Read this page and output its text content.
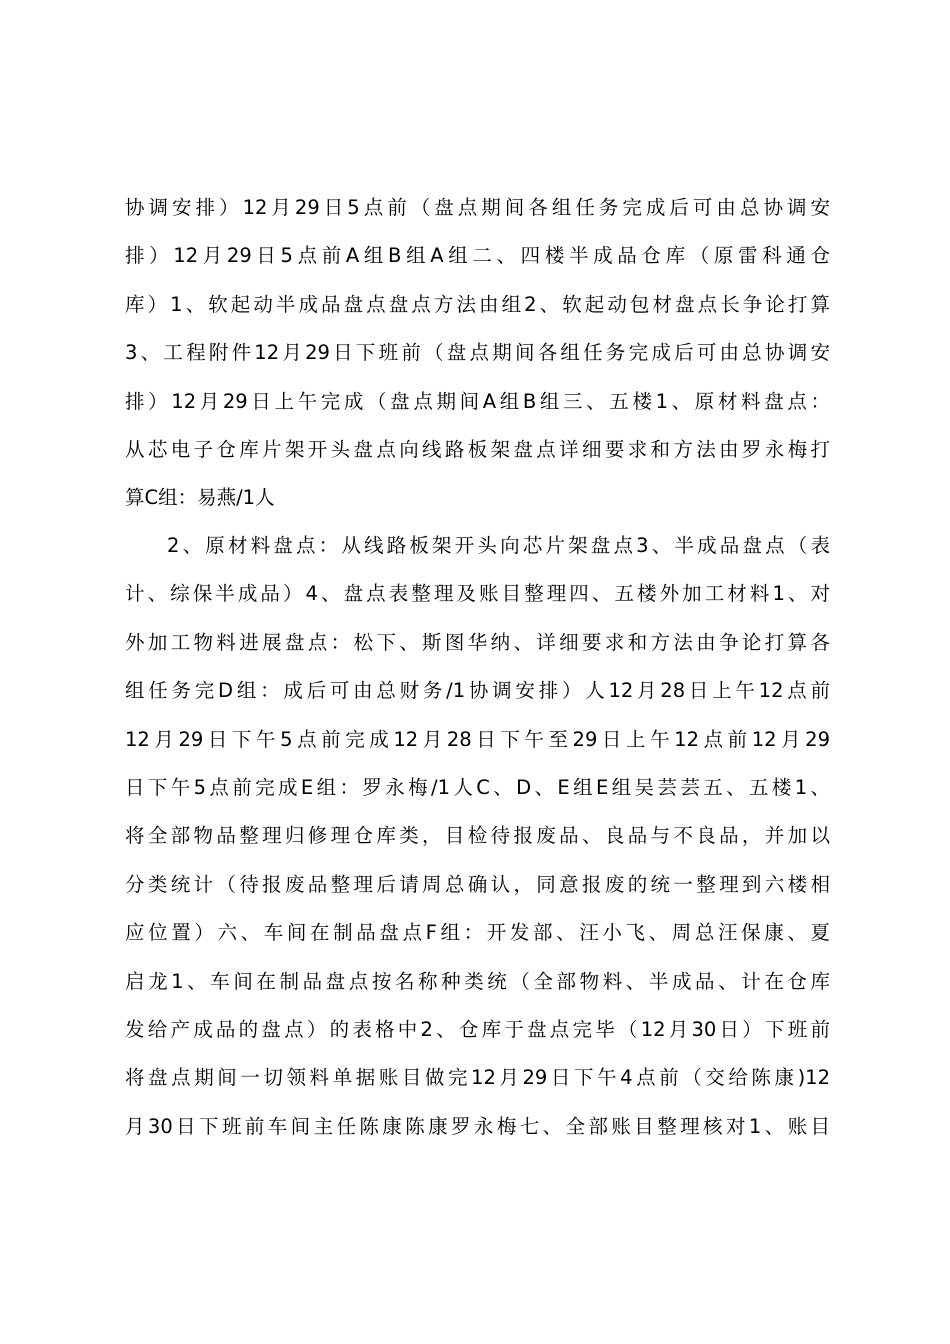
协调安排）12月29日5点前（盘点期间各组任务完成后可由总协调安
排）12月29日5点前A组B组A组二、四楼半成品仓库（原雷科通仓
库）1、软起动半成品盘点盘点方法由组2、软起动包材盘点长争论打算
3、工程附件12月29日下班前（盘点期间各组任务完成后可由总协调安
排）12月29日上午完成（盘点期间A组B组三、五楼1、原材料盘点：
从芯电子仓库片架开头盘点向线路板架盘点详细要求和方法由罗永梅打
算C组：易燕/1人
2、原材料盘点：从线路板架开头向芯片架盘点3、半成品盘点（表
计、综保半成品）4、盘点表整理及账目整理四、五楼外加工材料1、对
外加工物料进展盘点：松下、斯图华纳、详细要求和方法由争论打算各
组任务完D组：成后可由总财务/1协调安排）人12月28日上午12点前
12月29日下午5点前完成12月28日下午至29日上午12点前12月29
日下午5点前完成E组：罗永梅/1人C、D、E组E组吴芸芸五、五楼1、
将全部物品整理归修理仓库类，目检待报废品、良品与不良品，并加以
分类统计（待报废品整理后请周总确认，同意报废的统一整理到六楼相
应位置）六、车间在制品盘点F组：开发部、汪小飞、周总汪保康、夏
启龙1、车间在制品盘点按名称种类统（全部物料、半成品、计在仓库
发给产成品的盘点）的表格中2、仓库于盘点完毕（12月30日）下班前
将盘点期间一切领料单据账目做完12月29日下午4点前（交给陈康)12
月30日下班前车间主任陈康陈康罗永梅七、全部账目整理核对1、账目
